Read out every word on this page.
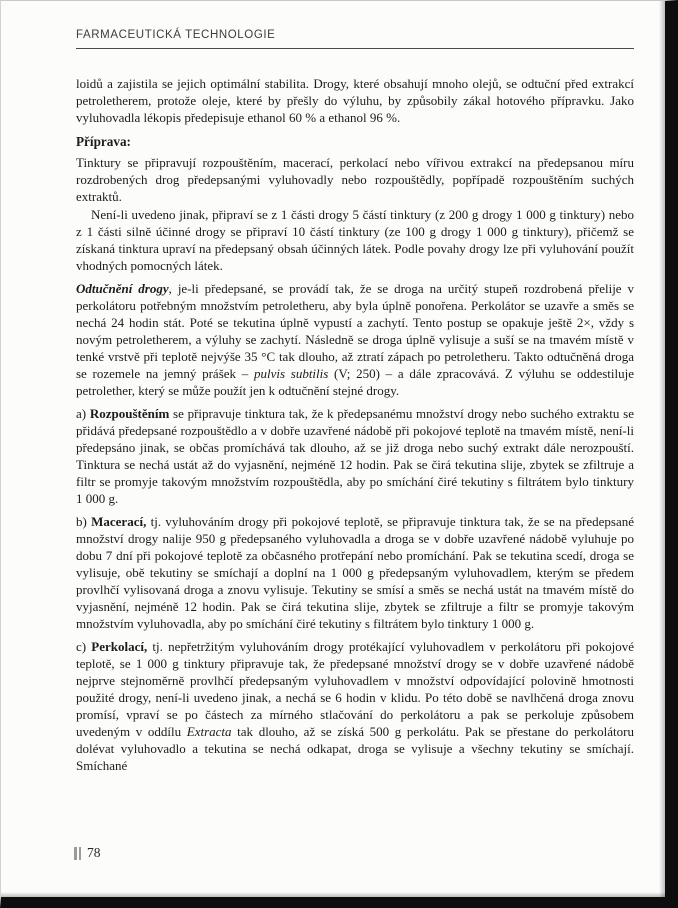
FARMACEUTICKÁ TECHNOLOGIE

loidů a zajistila se jejich optimální stabilita. Drogy, které obsahují mnoho olejů, se odtuční před extrakcí petroletherem, protože oleje, které by přešly do výluhu, by způsobily zákal hotového přípravku. Jako vyluhovadla lékopis předepisuje ethanol 60 % a ethanol 96 %.

Příprava:

Tinktury se připravují rozpouštěním, macerací, perkolací nebo vířivou extrakcí na předepsanou míru rozdrobených drog předepsanými vyluhovadly nebo rozpouštědly, popřípadě rozpouštěním suchých extraktů.

Není-li uvedeno jinak, připraví se z 1 části drogy 5 částí tinktury (z 200 g drogy 1 000 g tinktury) nebo z 1 části silně účinné drogy se připraví 10 částí tinktury (ze 100 g drogy 1 000 g tinktury), přičemž se získaná tinktura upraví na předepsaný obsah účinných látek. Podle povahy drogy lze při vyluhování použít vhodných pomocných látek.

Odtučnění drogy, je-li předepsané, se provádí tak, že se droga na určitý stupeň rozdrobená přelije v perkolátoru potřebným množstvím petroletheru, aby byla úplně ponořena. Perkolátor se uzavře a směs se nechá 24 hodin stát. Poté se tekutina úplně vypustí a zachytí. Tento postup se opakuje ještě 2×, vždy s novým petroletherem, a výluhy se zachytí. Následně se droga úplně vylisuje a suší se na tmavém místě v tenké vrstvě při teplotě nejvýše 35 °C tak dlouho, až ztratí zápach po petroletheru. Takto odtučněná droga se rozemele na jemný prášek – pulvis subtilis (V; 250) – a dále zpracovává. Z výluhu se oddestiluje petrolether, který se může použít jen k odtučnění stejné drogy.

a) Rozpouštěním se připravuje tinktura tak, že k předepsanému množství drogy nebo suchého extraktu se přidává předepsané rozpouštědlo a v dobře uzavřené nádobě při pokojové teplotě na tmavém místě, není-li předepsáno jinak, se občas promíchává tak dlouho, až se již droga nebo suchý extrakt dále nerozpouští. Tinktura se nechá ustát až do vyjasnění, nejméně 12 hodin. Pak se čirá tekutina slije, zbytek se zfiltruje a filtr se promyje takovým množstvím rozpouštědla, aby po smíchání čiré tekutiny s filtrátem bylo tinktury 1 000 g.

b) Macerací, tj. vyluhováním drogy při pokojové teplotě, se připravuje tinktura tak, že se na předepsané množství drogy nalije 950 g předepsaného vyluhovadla a droga se v dobře uzavřené nádobě vyluhuje po dobu 7 dní při pokojové teplotě za občasného protřepání nebo promíchání. Pak se tekutina scedí, droga se vylisuje, obě tekutiny se smíchají a doplní na 1 000 g předepsaným vyluhovadlem, kterým se předem provlhčí vylisovaná droga a znovu vylisuje. Tekutiny se smísí a směs se nechá ustát na tmavém místě do vyjasnění, nejméně 12 hodin. Pak se čirá tekutina slije, zbytek se zfiltruje a filtr se promyje takovým množstvím vyluhovadla, aby po smíchání čiré tekutiny s filtrátem bylo tinktury 1 000 g.

c) Perkolací, tj. nepřetržitým vyluhováním drogy protékající vyluhovadlem v perkolátoru při pokojové teplotě, se 1 000 g tinktury připravuje tak, že předepsané množství drogy se v dobře uzavřené nádobě nejprve stejnoměrně provlhčí předepsaným vyluhovadlem v množství odpovídající polovině hmotnosti použité drogy, není-li uvedeno jinak, a nechá se 6 hodin v klidu. Po této době se navlhčená droga znovu promísí, vpraví se po částech za mírného stlačování do perkolátoru a pak se perkoluje způsobem uvedeným v oddílu Extracta tak dlouho, až se získá 500 g perkolátu. Pak se přestane do perkolátoru dolévat vyluhovadlo a tekutina se nechá odkapat, droga se vylisuje a všechny tekutiny se smíchají. Smíchané

78
